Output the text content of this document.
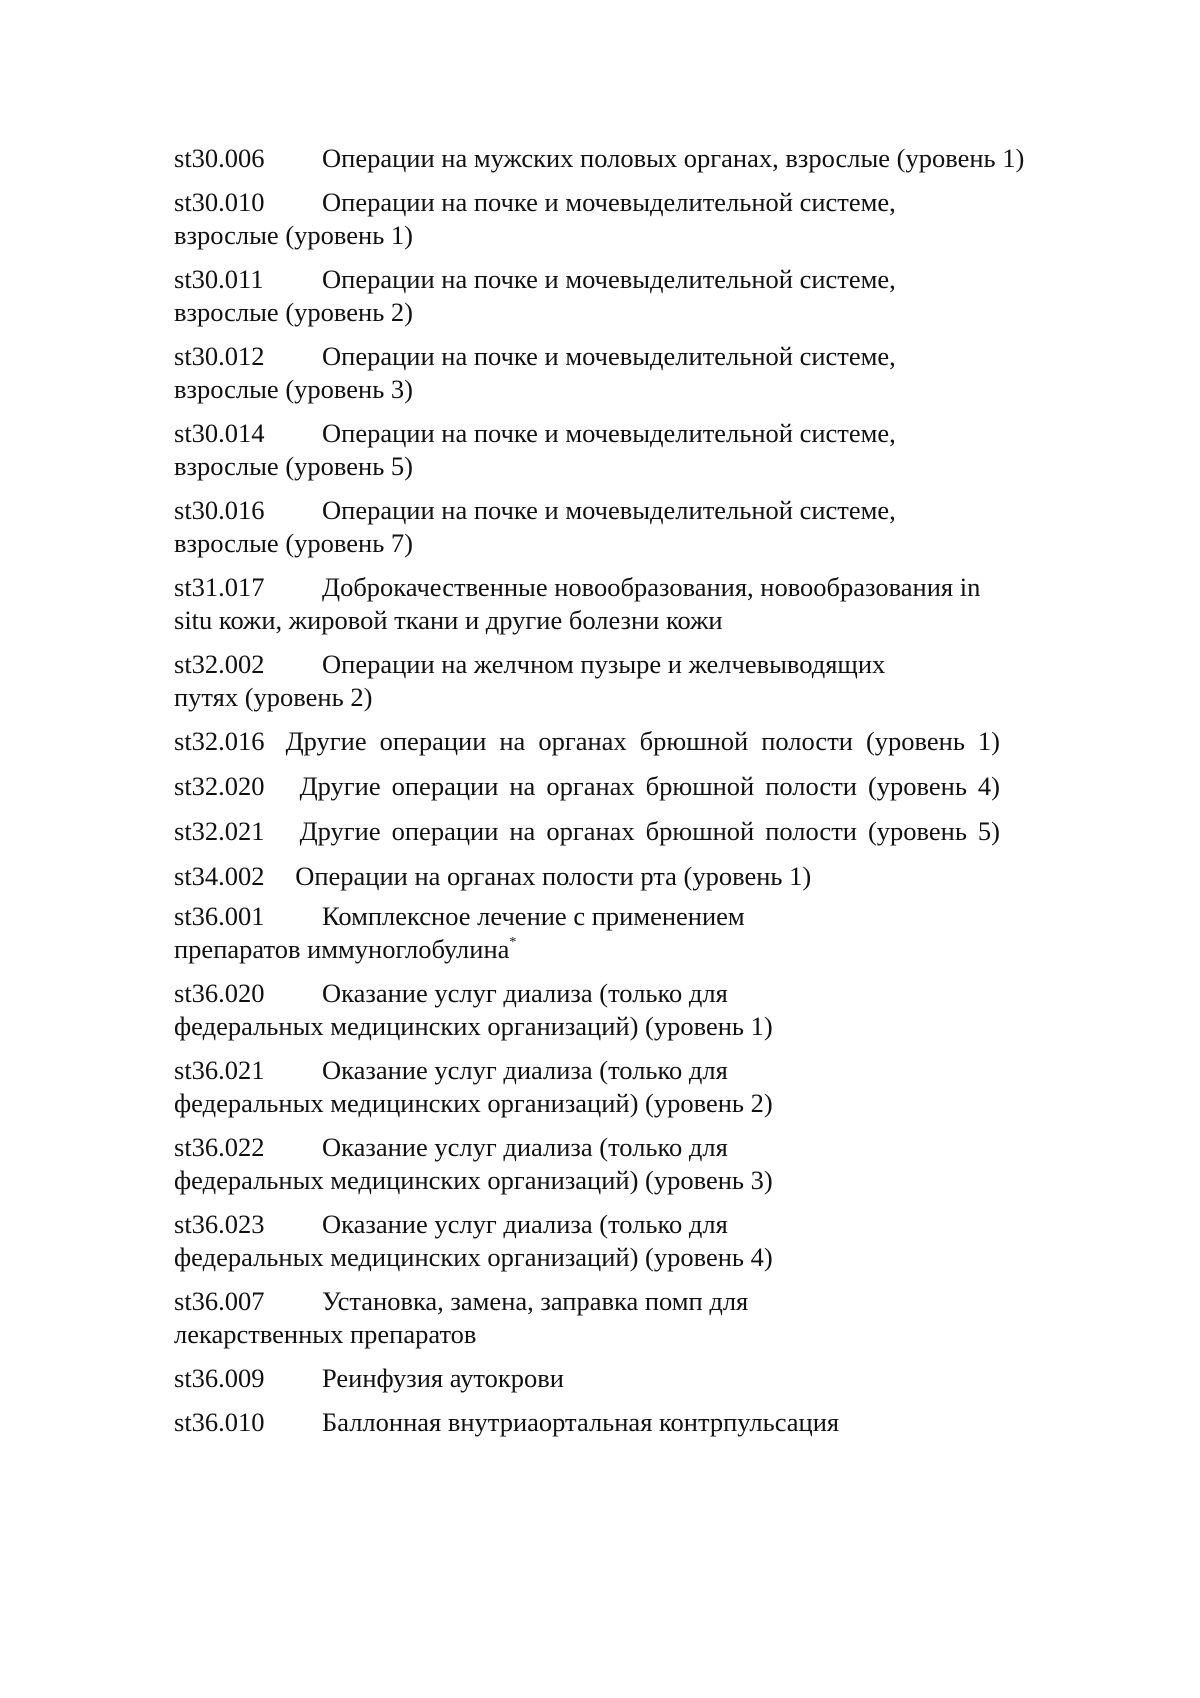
st30.006 Операции на мужских половых органах, взрослые (уровень 1)
st30.010 Операции на почке и мочевыделительной системе,
взрослые (уровень 1)
st30.011 Операции на почке и мочевыделительной системе,
взрослые (уровень 2)
st30.012 Операции на почке и мочевыделительной системе,
взрослые (уровень 3)
st30.014 Операции на почке и мочевыделительной системе,
взрослые (уровень 5)
st30.016 Операции на почке и мочевыделительной системе,
взрослые (уровень 7)
st31.017 Доброкачественные новообразования, новообразования in
situ кожи, жировой ткани и другие болезни кожи
st32.002 Операции на желчном пузыре и желчевыводящих
путях (уровень 2)
st32.016 Другие операции на органах брюшной полости (уровень 1) st32.020 Другие операции на органах брюшной полости (уровень 4) st32.021 Другие операции на органах брюшной полости (уровень 5) st34.002 Операции на органах полости рта (уровень 1)
st36.001 Комплексное лечение с применением
препаратов иммуноглобулина*
st36.020 Оказание услуг диализа (только для
федеральных медицинских организаций) (уровень 1)
st36.021 Оказание услуг диализа (только для
федеральных медицинских организаций) (уровень 2)
st36.022 Оказание услуг диализа (только для
федеральных медицинских организаций) (уровень 3)
st36.023 Оказание услуг диализа (только для
федеральных медицинских организаций) (уровень 4)
st36.007 Установка, замена, заправка помп для
лекарственных препаратов
st36.009 Реинфузия аутокрови
st36.010 Баллонная внутриаортальная контрпульсация
